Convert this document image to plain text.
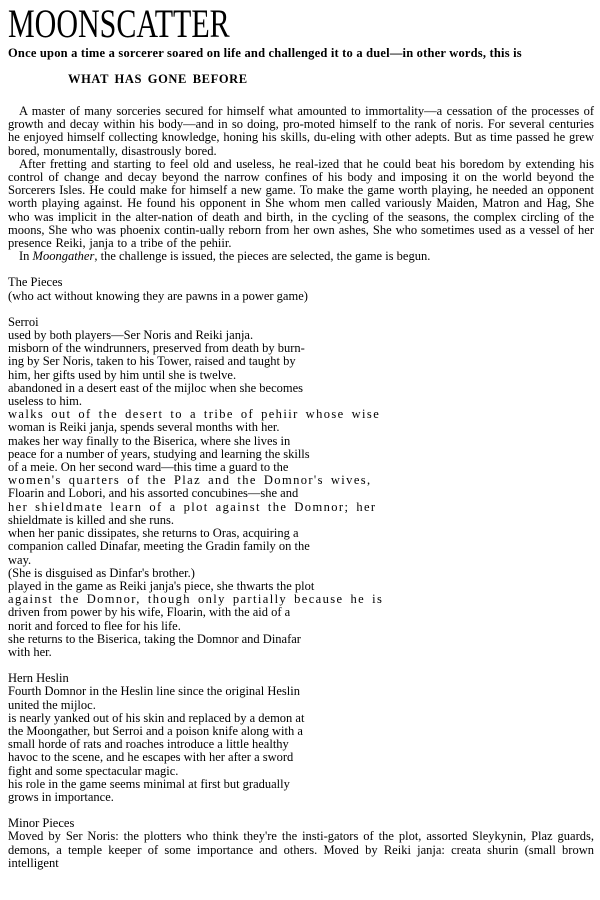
MOONSCATTER
Once upon a time a sorcerer soared on life and challenged it to a duel—in other words, this is
WHAT HAS GONE BEFORE

A master of many sorceries secured for himself what amounted to immortality—a cessation of the processes of growth and decay within his body—and in so doing, pro-moted himself to the rank of noris. For several centuries he enjoyed himself collecting knowledge, honing his skills, du-eling with other adepts. But as time passed he grew bored, monumentally, disastrously bored.

After fretting and starting to feel old and useless, he real-ized that he could beat his boredom by extending his control of change and decay beyond the narrow confines of his body and imposing it on the world beyond the Sorcerers Isles. He could make for himself a new game. To make the game worth playing, he needed an opponent worth playing against. He found his opponent in She whom men called variously Maiden, Matron and Hag, She who was implicit in the alter-nation of death and birth, in the cycling of the seasons, the complex circling of the moons, She who was phoenix contin-ually reborn from her own ashes, She who sometimes used as a vessel of her presence Reiki, janja to a tribe of the pehiir.

In Moongather, the challenge is issued, the pieces are selected, the game is begun.
The Pieces
(who act without knowing they are pawns in a power game)
Serroi
used by both players—Ser Noris and Reiki janja.
misborn of the windrunners, preserved from death by burn-
ing by Ser Noris, taken to his Tower, raised and taught by
him, her gifts used by him until she is twelve.
abandoned in a desert east of the mijloc when she becomes
useless to him.
walks out of the desert to a tribe of pehiir whose wise
woman is Reiki janja, spends several months with her.
makes her way finally to the Biserica, where she lives in
peace for a number of years, studying and learning the skills
of a meie. On her second ward—this time a guard to the
women's quarters of the Plaz and the Domnor's wives,
Floarin and Lobori, and his assorted concubines—she and
her shieldmate learn of a plot against the Domnor; her
shieldmate is killed and she runs.
when her panic dissipates, she returns to Oras, acquiring a
companion called Dinafar, meeting the Gradin family on the
way.
(She is disguised as Dinfar's brother.)
played in the game as Reiki janja's piece, she thwarts the plot
against the Domnor, though only partially because he is
driven from power by his wife, Floarin, with the aid of a
norit and forced to flee for his life.
she returns to the Biserica, taking the Domnor and Dinafar
with her.
Hern Heslin
Fourth Domnor in the Heslin line since the original Heslin
united the mijloc.
is nearly yanked out of his skin and replaced by a demon at
the Moongather, but Serroi and a poison knife along with a
small horde of rats and roaches introduce a little healthy
havoc to the scene, and he escapes with her after a sword
fight and some spectacular magic.
his role in the game seems minimal at first but gradually
grows in importance.
Minor Pieces
Moved by Ser Noris: the plotters who think they're the insti-gators of the plot, assorted Sleykynin, Plaz guards, demons, a temple keeper of some importance and others. Moved by Reiki janja: creata shurin (small brown intelligent
